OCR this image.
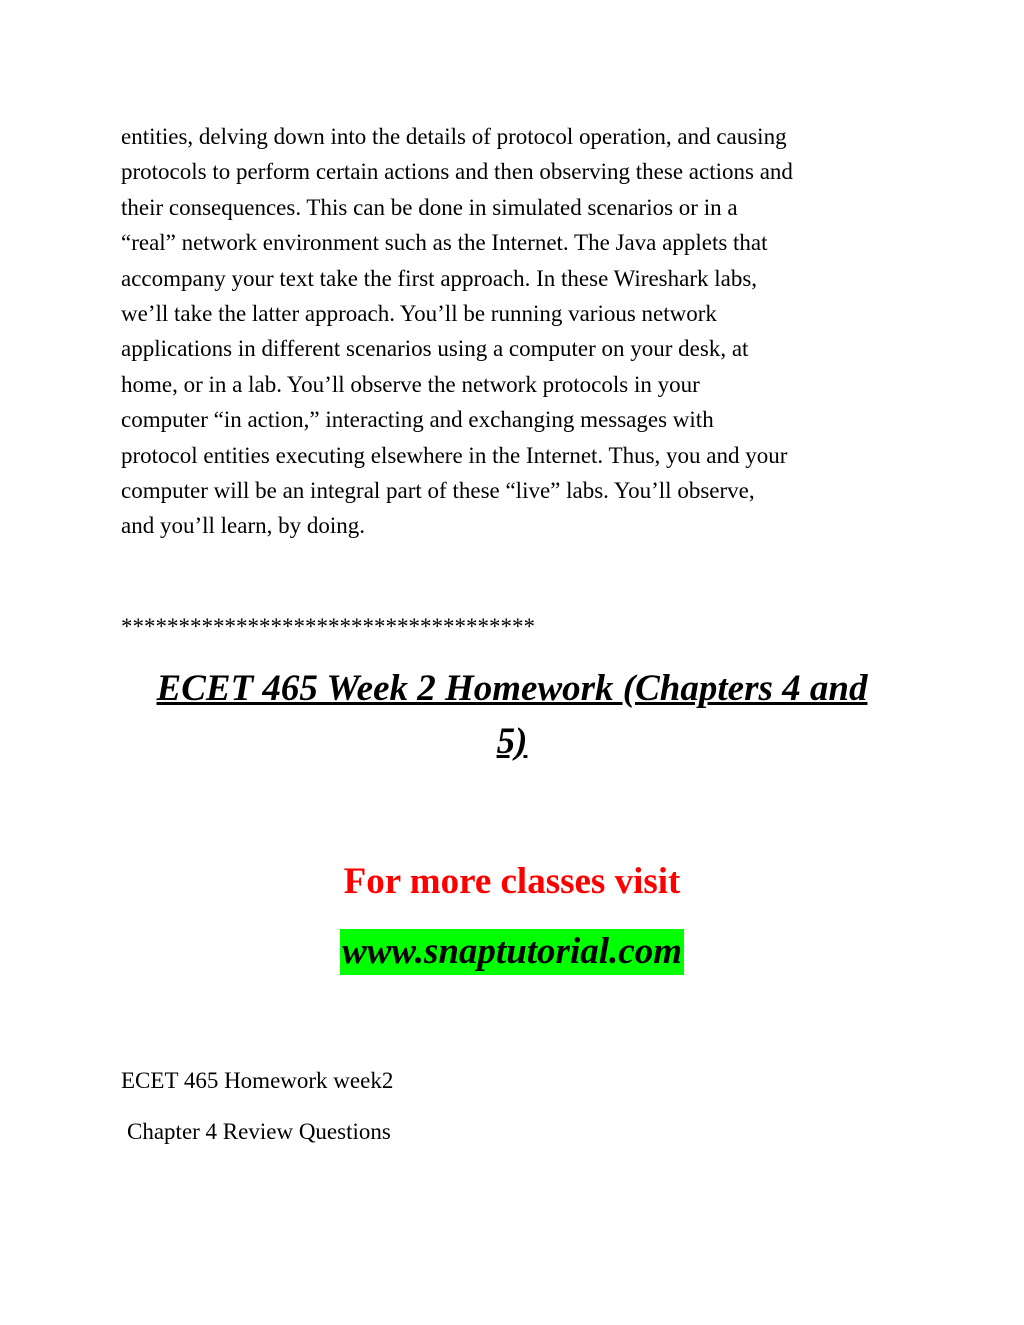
entities, delving down into the details of protocol operation, and causing
protocols to perform certain actions and then observing these actions and
their consequences. This can be done in simulated scenarios or in a
“real” network environment such as the Internet. The Java applets that
accompany your text take the first approach. In these Wireshark labs,
we’ll take the latter approach. You’ll be running various network
applications in different scenarios using a computer on your desk, at
home, or in a lab. You’ll observe the network protocols in your
computer “in action,” interacting and exchanging messages with
protocol entities executing elsewhere in the Internet. Thus, you and your
computer will be an integral part of these “live” labs. You’ll observe,
and you’ll learn, by doing.
************************************
ECET 465 Week 2 Homework (Chapters 4 and
5)
For more classes visit
www.snaptutorial.com
ECET 465 Homework week2
Chapter 4 Review Questions
